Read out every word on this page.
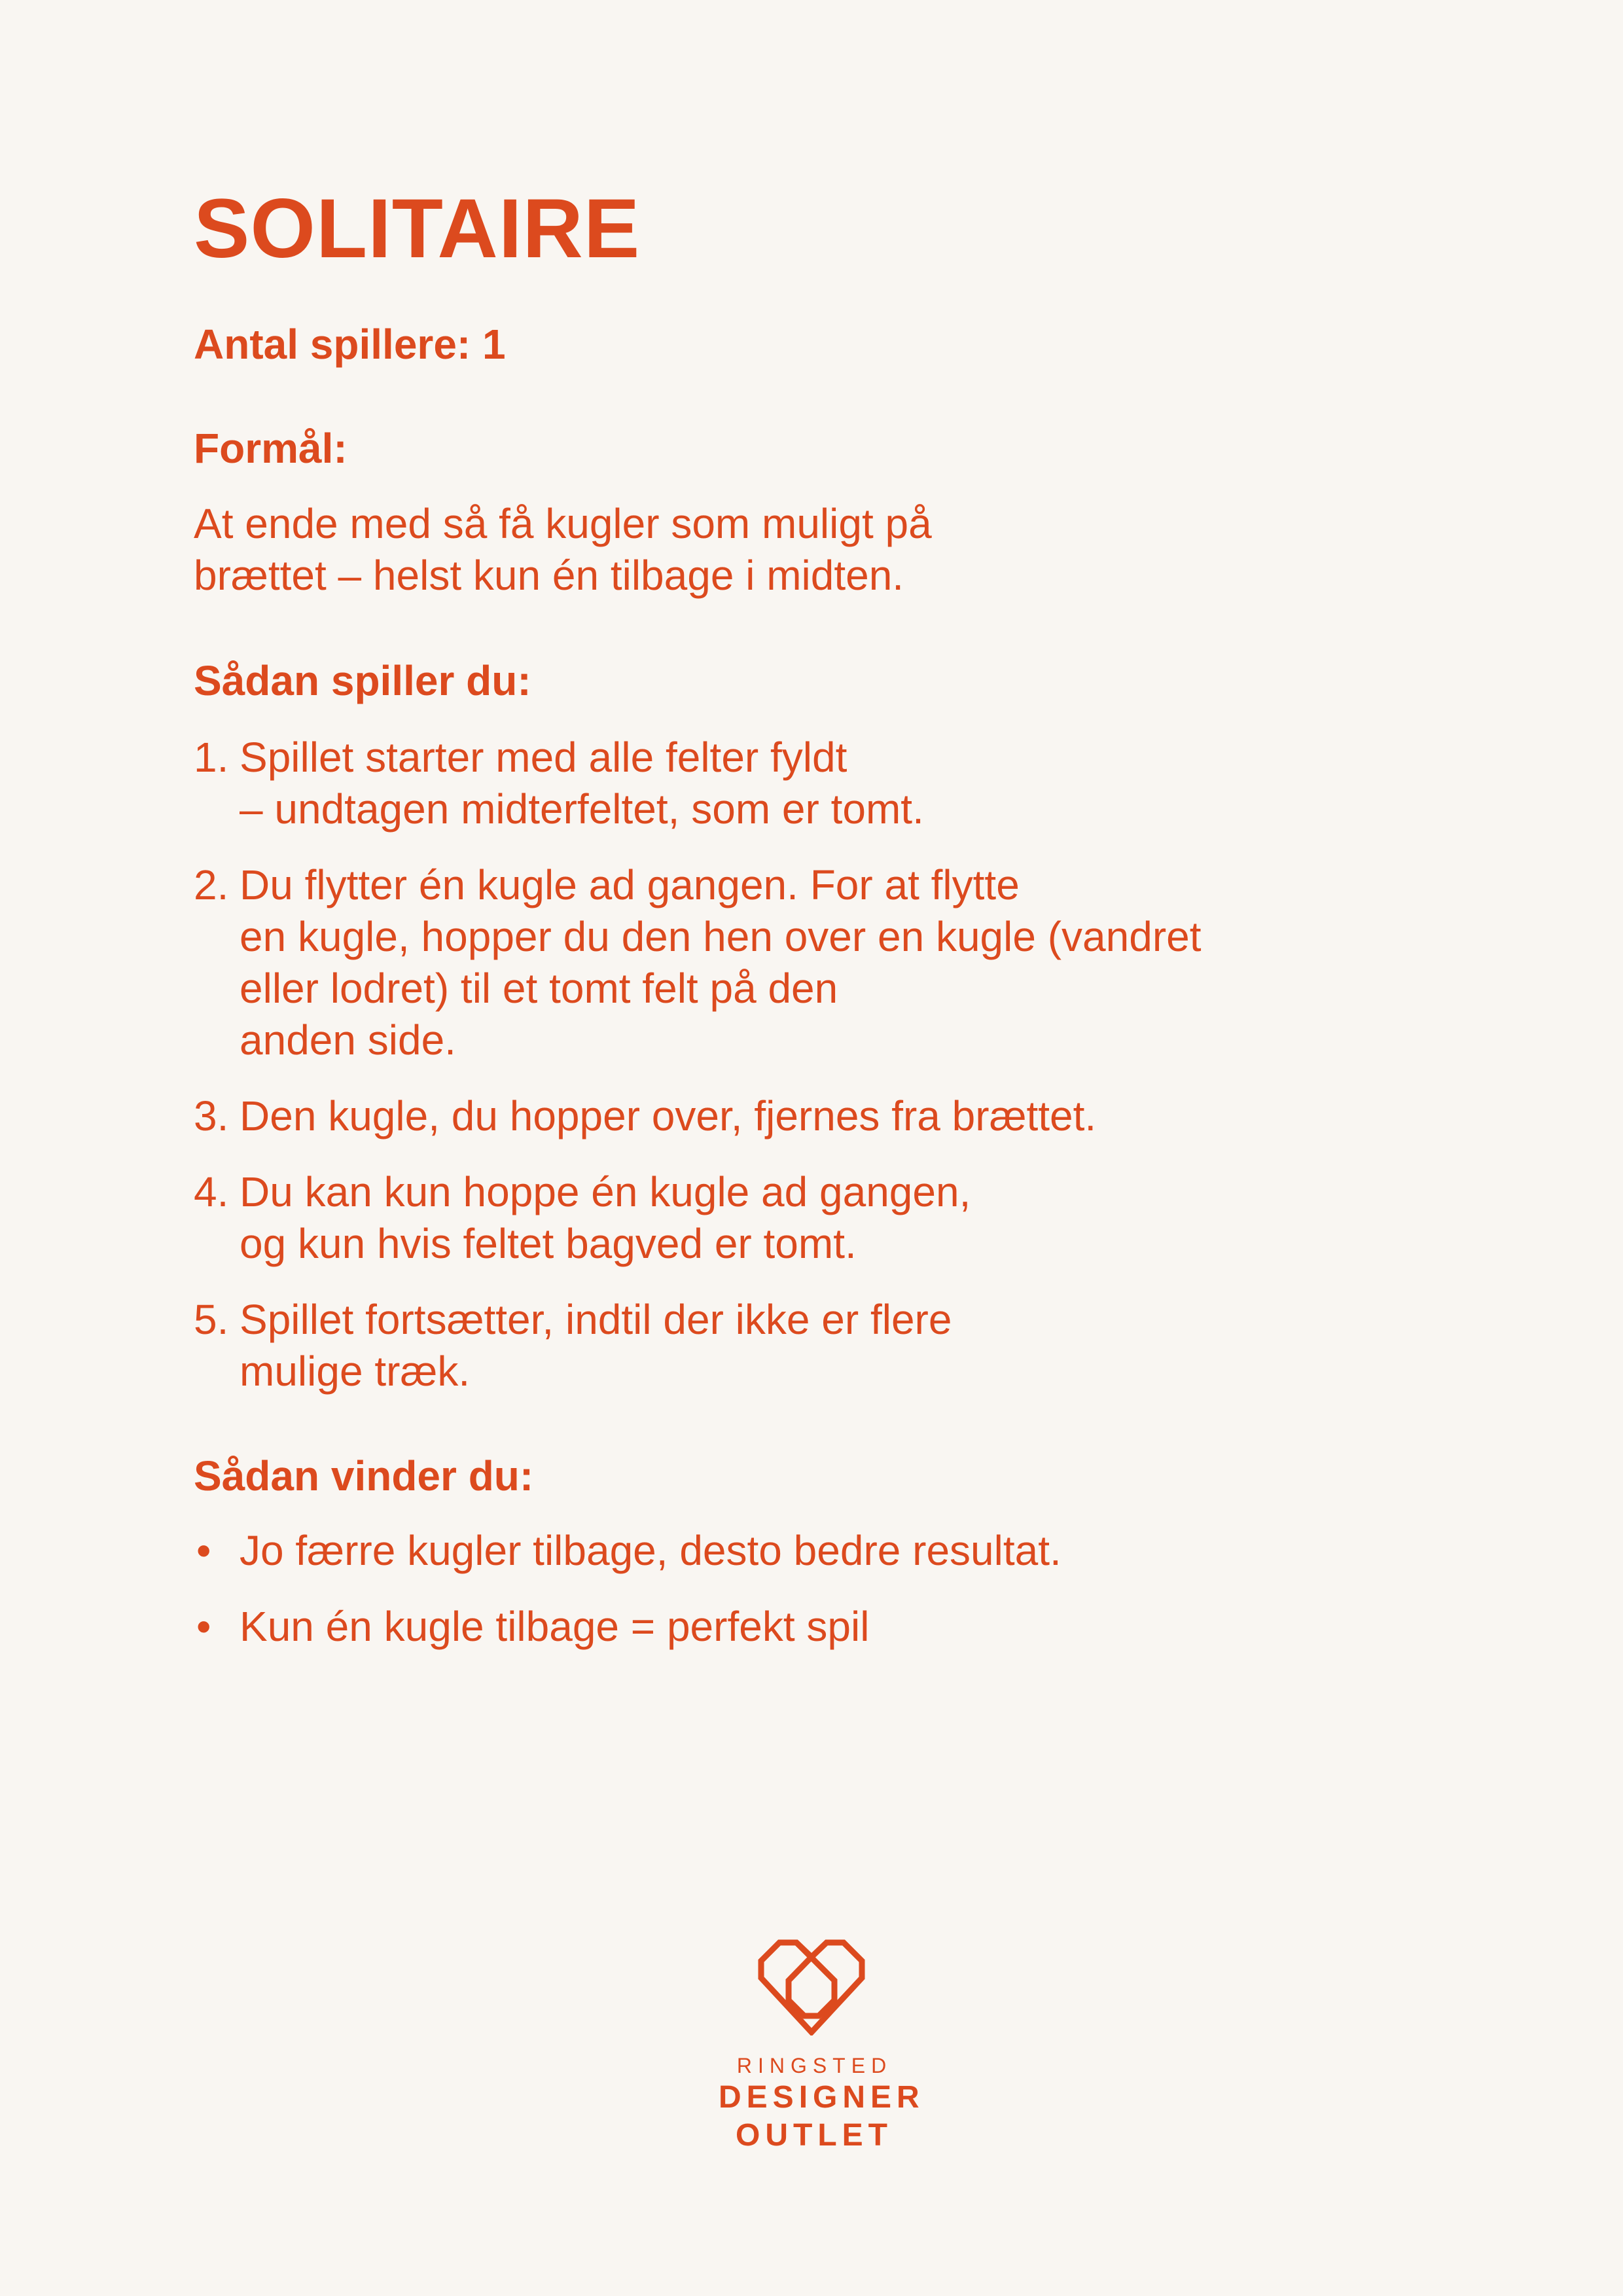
SOLITAIRE
Antal spillere: 1
Formål:

At ende med så få kugler som muligt på
brættet – helst kun én tilbage i midten.

Sådan spiller du:
1. Spillet starter med alle felter fyldt
– undtagen midterfeltet, som er tomt.
2. Du flytter én kugle ad gangen. For at flytte
en kugle, hopper du den hen over en kugle (vandret
eller lodret) til et tomt felt på den
anden side.
3. Den kugle, du hopper over, fjernes fra brættet.
4. Du kan kun hoppe én kugle ad gangen,
og kun hvis feltet bagved er tomt.
5. Spillet fortsætter, indtil der ikke er flere
mulige træk.
Sådan vinder du:
• Jo færre kugler tilbage, desto bedre resultat.
• Kun én kugle tilbage = perfekt spil
RINGSTED
DESIGNER
OUTLET
